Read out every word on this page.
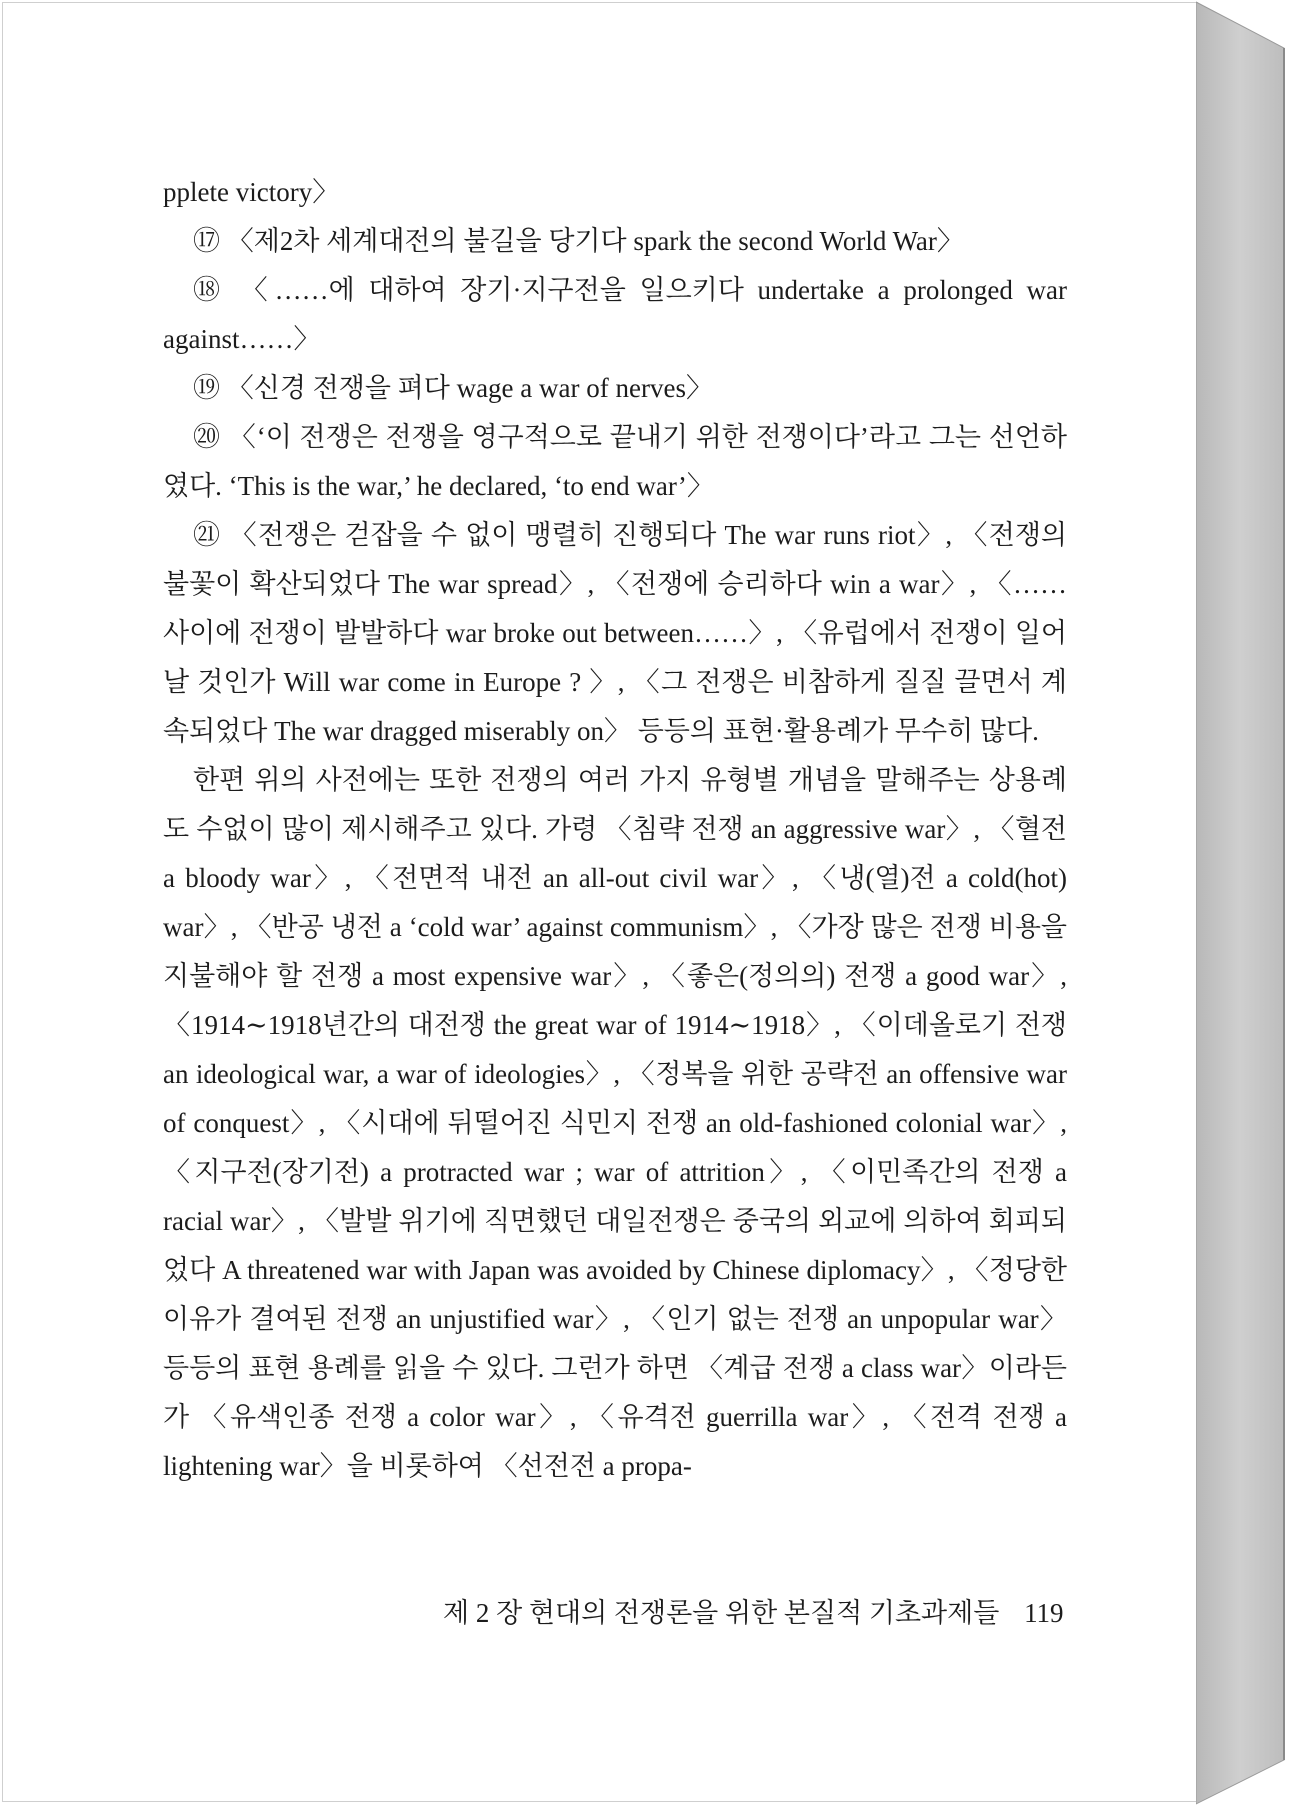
pplete victory〉

⑰ 〈제2차 세계대전의 불길을 당기다 spark the second World War〉

⑱ 〈……에 대하여 장기·지구전을 일으키다 undertake a prolonged war against……〉

⑲ 〈신경 전쟁을 펴다 wage a war of nerves〉

⑳ 〈‘이 전쟁은 전쟁을 영구적으로 끝내기 위한 전쟁이다’라고 그는 선언하였다. ‘This is the war,’ he declared, ‘to end war’〉

㉑ 〈전쟁은 걷잡을 수 없이 맹렬히 진행되다 The war runs riot〉, 〈전쟁의 불꽃이 확산되었다 The war spread〉, 〈전쟁에 승리하다 win a war〉, 〈……사이에 전쟁이 발발하다 war broke out between……〉, 〈유럽에서 전쟁이 일어날 것인가 Will war come in Europe ? 〉, 〈그 전쟁은 비참하게 질질 끌면서 계속되었다 The war dragged miserably on〉 등등의 표현·활용례가 무수히 많다.

한편 위의 사전에는 또한 전쟁의 여러 가지 유형별 개념을 말해주는 상용례도 수없이 많이 제시해주고 있다. 가령 〈침략 전쟁 an aggressive war〉, 〈혈전 a bloody war〉, 〈전면적 내전 an all-out civil war〉, 〈냉(열)전 a cold(hot) war〉, 〈반공 냉전 a ‘cold war’ against communism〉, 〈가장 많은 전쟁 비용을 지불해야 할 전쟁 a most expensive war〉, 〈좋은(정의의) 전쟁 a good war〉, 〈1914∼1918년간의 대전쟁 the great war of 1914∼1918〉, 〈이데올로기 전쟁 an ideological war, a war of ideologies〉, 〈정복을 위한 공략전 an offensive war of conquest〉, 〈시대에 뒤떨어진 식민지 전쟁 an old-fashioned colonial war〉, 〈지구전(장기전) a protracted war ; war of attrition〉, 〈이민족간의 전쟁 a racial war〉, 〈발발 위기에 직면했던 대일전쟁은 중국의 외교에 의하여 회피되었다 A threatened war with Japan was avoided by Chinese diplomacy〉, 〈정당한 이유가 결여된 전쟁 an unjustified war〉, 〈인기 없는 전쟁 an unpopular war〉 등등의 표현 용례를 읽을 수 있다. 그런가 하면 〈계급 전쟁 a class war〉이라든가 〈유색인종 전쟁 a color war〉, 〈유격전 guerrilla war〉, 〈전격 전쟁 a lightening war〉을 비롯하여 〈선전전 a propa-

제 2 장 현대의 전쟁론을 위한 본질적 기초과제들 119
